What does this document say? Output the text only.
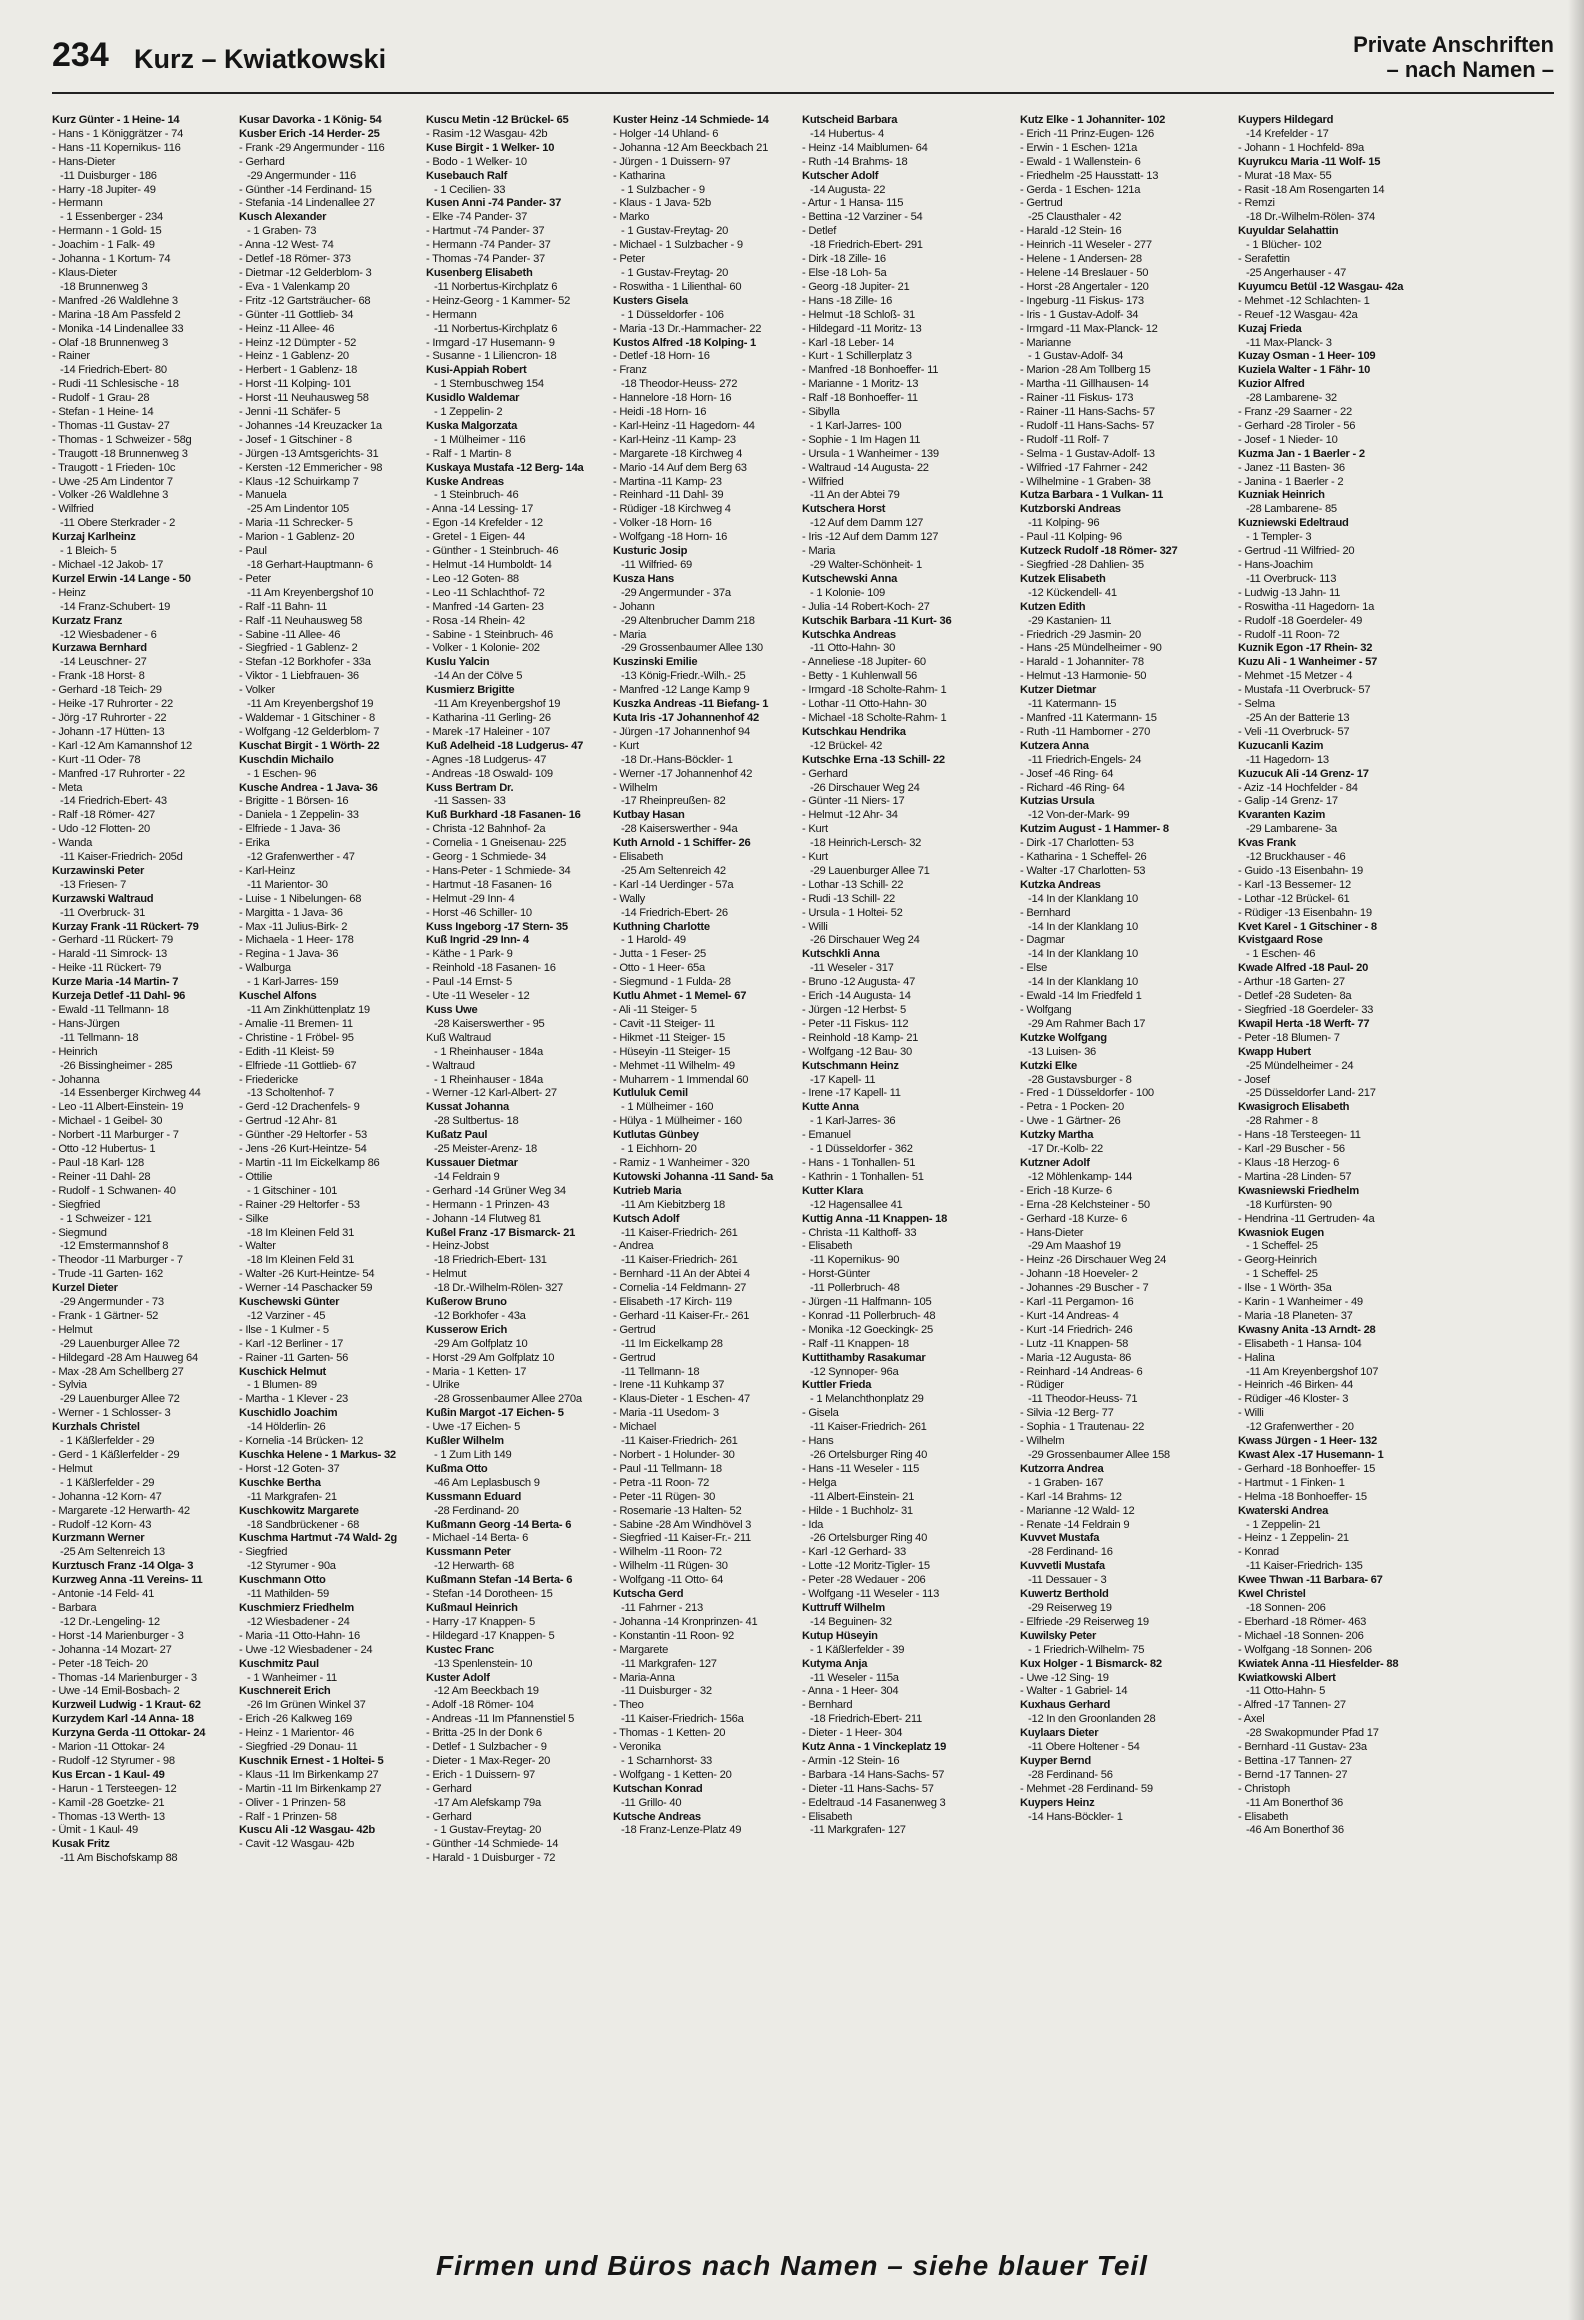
234 Kurz – Kwiatkowski	Private Anschriften
– nach Namen –
Kurz Günter - 1 Heine- 14
- Hans - 1 Königgrätzer - 74
- Hans -11 Kopernikus- 116
- Hans-Dieter
-11 Duisburger - 186
- Harry -18 Jupiter- 49
- Hermann
- 1 Essenberger - 234
- Hermann - 1 Gold- 15
- Joachim - 1 Falk- 49
- Johanna - 1 Kortum- 74
- Klaus-Dieter
-18 Brunnenweg 3
- Manfred -26 Waldlehne 3
- Marina -18 Am Passfeld 2
- Monika -14 Lindenallee 33
- Olaf -18 Brunnenweg 3
- Rainer
-14 Friedrich-Ebert- 80
- Rudi -11 Schlesische - 18
- Rudolf - 1 Grau- 28
- Stefan - 1 Heine- 14
- Thomas -11 Gustav- 27
- Thomas - 1 Schweizer - 58g
- Traugott -18 Brunnenweg 3
- Traugott - 1 Frieden- 10c
- Uwe -25 Am Lindentor 7
- Volker -26 Waldlehne 3
- Wilfried
-11 Obere Sterkrader - 2
Kurzaj Karlheinz
- 1 Bleich- 5
- Michael -12 Jakob- 17
Kurzel Erwin -14 Lange - 50
- Heinz
-14 Franz-Schubert- 19
Kurzatz Franz
-12 Wiesbadener - 6
Kurzawa Bernhard
-14 Leuschner- 27
- Frank -18 Horst- 8
- Gerhard -18 Teich- 29
- Heike -17 Ruhrorter - 22
- Jörg -17 Ruhrorter - 22
- Johann -17 Hütten- 13
- Karl -12 Am Kamannshof 12
- Kurt -11 Oder- 78
- Manfred -17 Ruhrorter - 22
- Meta
-14 Friedrich-Ebert- 43
- Ralf -18 Römer- 427
- Udo -12 Flotten- 20
- Wanda
-11 Kaiser-Friedrich- 205d
Kurzawinski Peter
-13 Friesen- 7
Kurzawski Waltraud
-11 Overbruck- 31
Kurzay Frank -11 Rückert- 79
- Gerhard -11 Rückert- 79
- Harald -11 Simrock- 13
- Heike -11 Rückert- 79
Kurze Maria -14 Martin- 7
Kurzeja Detlef -11 Dahl- 96
- Ewald -11 Tellmann- 18
- Hans-Jürgen
-11 Tellmann- 18
- Heinrich
-26 Bissingheimer - 285
- Johanna
-14 Essenberger Kirchweg 44
- Leo -11 Albert-Einstein- 19
- Michael - 1 Geibel- 30
- Norbert -11 Marburger - 7
- Otto -12 Hubertus- 1
- Paul -18 Karl- 128
- Reiner -11 Dahl- 28
- Rudolf - 1 Schwanen- 40
- Siegfried
- 1 Schweizer - 121
- Siegmund
-12 Emstermannshof 8
- Theodor -11 Marburger - 7
- Trude -11 Garten- 162
Kurzel Dieter
-29 Angermunder - 73
- Frank - 1 Gärtner- 52
- Helmut
-29 Lauenburger Allee 72
- Hildegard -28 Am Hauweg 64
- Max -28 Am Schellberg 27
- Sylvia
-29 Lauenburger Allee 72
- Werner - 1 Schlosser- 3
Kurzhals Christel
- 1 Käßlerfelder - 29
- Gerd - 1 Käßlerfelder - 29
- Helmut
- 1 Käßlerfelder - 29
- Johanna -12 Korn- 47
- Margarete -12 Herwarth- 42
- Rudolf -12 Korn- 43
Kurzmann Werner
-25 Am Seltenreich 13
Kurztusch Franz -14 Olga- 3
Kurzweg Anna -11 Vereins- 11
- Antonie -14 Feld- 41
- Barbara
-12 Dr.-Lengeling- 12
- Horst -14 Marienburger - 3
- Johanna -14 Mozart- 27
- Peter -18 Teich- 20
- Thomas -14 Marienburger - 3
- Uwe -14 Emil-Bosbach- 2
Kurzweil Ludwig - 1 Kraut- 62
Kurzydem Karl -14 Anna- 18
Kurzyna Gerda -11 Ottokar- 24
- Marion -11 Ottokar- 24
- Rudolf -12 Styrumer - 98
Kus Ercan - 1 Kaul- 49
- Harun - 1 Tersteegen- 12
- Kamil -28 Goetzke- 21
- Thomas -13 Werth- 13
- Ümit - 1 Kaul- 49
Kusak Fritz
-11 Am Bischofskamp 88
Kusar Davorka - 1 König- 54
Kusber Erich -14 Herder- 25
- Frank -29 Angermunder - 116
- Gerhard
-29 Angermunder - 116
- Günther -14 Ferdinand- 15
- Stefania -14 Lindenallee 27
Kusch Alexander
- 1 Graben- 73
- Anna -12 West- 74
- Detlef -18 Römer- 373
- Dietmar -12 Gelderblom- 3
- Eva - 1 Valenkamp 20
- Fritz -12 Gartsträucher- 68
- Günter -11 Gottlieb- 34
- Heinz -11 Allee- 46
- Heinz -12 Dümpter - 52
- Heinz - 1 Gablenz- 20
- Herbert - 1 Gablenz- 18
- Horst -11 Kolping- 101
- Horst -11 Neuhausweg 58
- Jenni -11 Schäfer- 5
- Johannes -14 Kreuzacker 1a
- Josef - 1 Gitschiner - 8
- Jürgen -13 Amtsgerichts- 31
- Kersten -12 Emmericher - 98
- Klaus -12 Schuirkamp 7
- Manuela
-25 Am Lindentor 105
- Maria -11 Schrecker- 5
- Marion - 1 Gablenz- 20
- Paul
-18 Gerhart-Hauptmann- 6
- Peter
-11 Am Kreyenbergshof 10
- Ralf -11 Bahn- 11
- Ralf -11 Neuhausweg 58
- Sabine -11 Allee- 46
- Siegfried - 1 Gablenz- 2
- Stefan -12 Borkhofer - 33a
- Viktor - 1 Liebfrauen- 36
- Volker
-11 Am Kreyenbergshof 19
- Waldemar - 1 Gitschiner - 8
- Wolfgang -12 Gelderblom- 7
Kuschat Birgit - 1 Wörth- 22
Kuschdin Michailo
- 1 Eschen- 96
Kusche Andrea - 1 Java- 36
- Brigitte - 1 Börsen- 16
- Daniela - 1 Zeppelin- 33
- Elfriede - 1 Java- 36
- Erika
-12 Grafenwerther - 47
- Karl-Heinz
-11 Marientor- 30
- Luise - 1 Nibelungen- 68
- Margitta - 1 Java- 36
- Max -11 Julius-Birk- 2
- Michaela - 1 Heer- 178
- Regina - 1 Java- 36
- Walburga
- 1 Karl-Jarres- 159
Kuschel Alfons
-11 Am Zinkhüttenplatz 19
- Amalie -11 Bremen- 11
- Christine - 1 Fröbel- 95
- Edith -11 Kleist- 59
- Elfriede -11 Gottlieb- 67
- Friedericke
-13 Scholtenhof- 7
- Gerd -12 Drachenfels- 9
- Gertrud -12 Ahr- 81
- Günther -29 Heltorfer - 53
- Jens -26 Kurt-Heintze- 54
- Martin -11 Im Eickelkamp 86
- Ottilie
- 1 Gitschiner - 101
- Rainer -29 Heltorfer - 53
- Silke
-18 Im Kleinen Feld 31
- Walter
-18 Im Kleinen Feld 31
- Walter -26 Kurt-Heintze- 54
- Werner -14 Paschacker 59
Kuschewski Günter
-12 Varziner - 45
- Ilse - 1 Kulmer - 5
- Karl -12 Berliner - 17
- Rainer -11 Garten- 56
Kuschick Helmut
- 1 Blumen- 89
- Martha - 1 Klever - 23
Kuschidlo Joachim
-14 Hölderlin- 26
- Kornelia -14 Brücken- 12
Kuschka Helene - 1 Markus- 32
- Horst -12 Goten- 37
Kuschke Bertha
-11 Markgrafen- 21
Kuschkowitz Margarete
-18 Sandbrückener - 68
Kuschma Hartmut -74 Wald- 2g
- Siegfried
-12 Styrumer - 90a
Kuschmann Otto
-11 Mathilden- 59
Kuschmierz Friedhelm
-12 Wiesbadener - 24
- Maria -11 Otto-Hahn- 16
- Uwe -12 Wiesbadener - 24
Kuschmitz Paul
- 1 Wanheimer - 11
Kuschnereit Erich
-26 Im Grünen Winkel 37
- Erich -26 Kalkweg 169
- Heinz - 1 Marientor- 46
- Siegfried -29 Donau- 11
Kuschnik Ernest - 1 Holtei- 5
- Klaus -11 Im Birkenkamp 27
- Martin -11 Im Birkenkamp 27
- Oliver - 1 Prinzen- 58
- Ralf - 1 Prinzen- 58
Kuscu Ali -12 Wasgau- 42b
- Cavit -12 Wasgau- 42b
Kuscu Metin -12 Brückel- 65
- Rasim -12 Wasgau- 42b
Kuse Birgit - 1 Welker- 10
- Bodo - 1 Welker- 10
Kusebauch Ralf
- 1 Cecilien- 33
Kusen Anni -74 Pander- 37
- Elke -74 Pander- 37
- Hartmut -74 Pander- 37
- Hermann -74 Pander- 37
- Thomas -74 Pander- 37
Kusenberg Elisabeth
-11 Norbertus-Kirchplatz 6
- Heinz-Georg - 1 Kammer- 52
- Hermann
-11 Norbertus-Kirchplatz 6
- Irmgard -17 Husemann- 9
- Susanne - 1 Liliencron- 18
Kusi-Appiah Robert
- 1 Sternbuschweg 154
Kusidlo Waldemar
- 1 Zeppelin- 2
Kuska Malgorzata
- 1 Mülheimer - 116
- Ralf - 1 Martin- 8
Kuskaya Mustafa -12 Berg- 14a
Kuske Andreas
- 1 Steinbruch- 46
- Anna -14 Lessing- 17
- Egon -14 Krefelder - 12
- Gretel - 1 Eigen- 44
- Günther - 1 Steinbruch- 46
- Helmut -14 Humboldt- 14
- Leo -12 Goten- 88
- Leo -11 Schlachthof- 72
- Manfred -14 Garten- 23
- Rosa -14 Rhein- 42
- Sabine - 1 Steinbruch- 46
- Volker - 1 Kolonie- 202
Kuslu Yalcin
-14 An der Cölve 5
Kusmierz Brigitte
-11 Am Kreyenbergshof 19
- Katharina -11 Gerling- 26
- Marek -17 Haleiner - 107
Kuß Adelheid -18 Ludgerus- 47
- Agnes -18 Ludgerus- 47
- Andreas -18 Oswald- 109
Kuss Bertram Dr.
-11 Sassen- 33
Kuß Burkhard -18 Fasanen- 16
- Christa -12 Bahnhof- 2a
- Cornelia - 1 Gneisenau- 225
- Georg - 1 Schmiede- 34
- Hans-Peter - 1 Schmiede- 34
- Hartmut -18 Fasanen- 16
- Helmut -29 Inn- 4
- Horst -46 Schiller- 10
Kuss Ingeborg -17 Stern- 35
Kuß Ingrid -29 Inn- 4
- Käthe - 1 Park- 9
- Reinhold -18 Fasanen- 16
- Paul -14 Ernst- 5
- Ute -11 Weseler - 12
Kuss Uwe
-28 Kaiserswerther - 95
Kuß Waltraud
- 1 Rheinhauser - 184a
- Waltraud
- 1 Rheinhauser - 184a
- Werner -12 Karl-Albert- 27
Kussat Johanna
-28 Sultbertus- 18
Kußatz Paul
-25 Meister-Arenz- 18
Kussauer Dietmar
-14 Feldrain 9
- Gerhard -14 Grüner Weg 34
- Hermann - 1 Prinzen- 43
- Johann -14 Flutweg 81
Kußel Franz -17 Bismarck- 21
- Heinz-Jobst
-18 Friedrich-Ebert- 131
- Helmut
-18 Dr.-Wilhelm-Rölen- 327
Kußerow Bruno
-12 Borkhofer - 43a
Kusserow Erich
-29 Am Golfplatz 10
- Horst -29 Am Golfplatz 10
- Maria - 1 Ketten- 17
- Ulrike
-28 Grossenbaumer Allee 270a
Kußin Margot -17 Eichen- 5
- Uwe -17 Eichen- 5
Kußler Wilhelm
- 1 Zum Lith 149
Kußma Otto
-46 Am Leplasbusch 9
Kussmann Eduard
-28 Ferdinand- 20
Kußmann Georg -14 Berta- 6
- Michael -14 Berta- 6
Kussmann Peter
-12 Herwarth- 68
Kußmann Stefan -14 Berta- 6
- Stefan -14 Dorotheen- 15
Kußmaul Heinrich
- Harry -17 Knappen- 5
- Hildegard -17 Knappen- 5
Kustec Franc
-13 Spenlenstein- 10
Kuster Adolf
-12 Am Beeckbach 19
- Adolf -18 Römer- 104
- Andreas -11 Im Pfannenstiel 5
- Britta -25 In der Donk 6
- Detlef - 1 Sulzbacher - 9
- Dieter - 1 Max-Reger- 20
- Erich - 1 Duissern- 97
- Gerhard
-17 Am Alefskamp 79a
- Gerhard
- 1 Gustav-Freytag- 20
- Günther -14 Schmiede- 14
- Harald - 1 Duisburger - 72
Kuster Heinz -14 Schmiede- 14
- Holger -14 Uhland- 6
- Johanna -12 Am Beeckbach 21
- Jürgen - 1 Duissern- 97
- Katharina
- 1 Sulzbacher - 9
- Klaus - 1 Java- 52b
- Marko
- 1 Gustav-Freytag- 20
- Michael - 1 Sulzbacher - 9
- Peter
- 1 Gustav-Freytag- 20
- Roswitha - 1 Lilienthal- 60
Kusters Gisela
- 1 Düsseldorfer - 106
- Maria -13 Dr.-Hammacher- 22
Kustos Alfred -18 Kolping- 1
- Detlef -18 Horn- 16
- Franz
-18 Theodor-Heuss- 272
- Hannelore -18 Horn- 16
- Heidi -18 Horn- 16
- Karl-Heinz -11 Hagedorn- 44
- Karl-Heinz -11 Kamp- 23
- Margarete -18 Kirchweg 4
- Mario -14 Auf dem Berg 63
- Martina -11 Kamp- 23
- Reinhard -11 Dahl- 39
- Rüdiger -18 Kirchweg 4
- Volker -18 Horn- 16
- Wolfgang -18 Horn- 16
Kusturic Josip
-11 Wilfried- 69
Kusza Hans
-29 Angermunder - 37a
- Johann
-29 Altenbrucher Damm 218
- Maria
-29 Grossenbaumer Allee 130
Kuszinski Emilie
-13 König-Friedr.-Wilh.- 25
- Manfred -12 Lange Kamp 9
Kuszka Andreas -11 Biefang- 1
Kuta Iris -17 Johannenhof 42
- Jürgen -17 Johannenhof 94
- Kurt
-18 Dr.-Hans-Böckler- 1
- Werner -17 Johannenhof 42
- Wilhelm
-17 Rheinpreußen- 82
Kutbay Hasan
-28 Kaiserswerther - 94a
Kuth Arnold - 1 Schiffer- 26
- Elisabeth
-25 Am Seltenreich 42
- Karl -14 Uerdinger - 57a
- Wally
-14 Friedrich-Ebert- 26
Kuthning Charlotte
- 1 Harold- 49
- Jutta - 1 Feser- 25
- Otto - 1 Heer- 65a
- Siegmund - 1 Fulda- 28
Kutlu Ahmet - 1 Memel- 67
- Ali -11 Steiger- 5
- Cavit -11 Steiger- 11
- Hikmet -11 Steiger- 15
- Hüseyin -11 Steiger- 15
- Mehmet -11 Wilhelm- 49
- Muharrem - 1 Immendal 60
Kutluluk Cemil
- 1 Mülheimer - 160
- Hülya - 1 Mülheimer - 160
Kutlutas Günbey
- 1 Eichhorn- 20
- Ramiz - 1 Wanheimer - 320
Kutowski Johanna -11 Sand- 5a
Kutrieb Maria
-11 Am Kiebitzberg 18
Kutsch Adolf
-11 Kaiser-Friedrich- 261
- Andrea
-11 Kaiser-Friedrich- 261
- Bernhard -11 An der Abtei 4
- Cornelia -14 Feldmann- 27
- Elisabeth -17 Kirch- 119
- Gerhard -11 Kaiser-Fr.- 261
- Gertrud
-11 Im Eickelkamp 28
- Gertrud
-11 Tellmann- 18
- Irene -11 Kuhkamp 37
- Klaus-Dieter - 1 Eschen- 47
- Maria -11 Usedom- 3
- Michael
-11 Kaiser-Friedrich- 261
- Norbert - 1 Holunder- 30
- Paul -11 Tellmann- 18
- Petra -11 Roon- 72
- Peter -11 Rügen- 30
- Rosemarie -13 Halten- 52
- Sabine -28 Am Windhövel 3
- Siegfried -11 Kaiser-Fr.- 211
- Wilhelm -11 Roon- 72
- Wilhelm -11 Rügen- 30
- Wolfgang -11 Otto- 64
Kutscha Gerd
-11 Fahrner - 213
- Johanna -14 Kronprinzen- 41
- Konstantin -11 Roon- 92
- Margarete
-11 Markgrafen- 127
- Maria-Anna
-11 Duisburger - 32
- Theo
-11 Kaiser-Friedrich- 156a
- Thomas - 1 Ketten- 20
- Veronika
- 1 Scharnhorst- 33
- Wolfgang - 1 Ketten- 20
Kutschan Konrad
-11 Grillo- 40
Kutsche Andreas
-18 Franz-Lenze-Platz 49
Kutscheid Barbara
-14 Hubertus- 4
- Heinz -14 Maiblumen- 64
- Ruth -14 Brahms- 18
Kutscher Adolf
-14 Augusta- 22
- Artur - 1 Hansa- 115
- Bettina -12 Varziner - 54
- Detlef
-18 Friedrich-Ebert- 291
- Dirk -18 Zille- 16
- Else -18 Loh- 5a
- Georg -18 Jupiter- 21
- Hans -18 Zille- 16
- Helmut -18 Schloß- 31
- Hildegard -11 Moritz- 13
- Karl -18 Leber- 14
- Kurt - 1 Schillerplatz 3
- Manfred -18 Bonhoeffer- 11
- Marianne - 1 Moritz- 13
- Ralf -18 Bonhoeffer- 11
- Sibylla
- 1 Karl-Jarres- 100
- Sophie - 1 Im Hagen 11
- Ursula - 1 Wanheimer - 139
- Waltraud -14 Augusta- 22
- Wilfried
-11 An der Abtei 79
Kutschera Horst
-12 Auf dem Damm 127
- Iris -12 Auf dem Damm 127
- Maria
-29 Walter-Schönheit- 1
Kutschewski Anna
- 1 Kolonie- 109
- Julia -14 Robert-Koch- 27
Kutschik Barbara -11 Kurt- 36
Kutschka Andreas
-11 Otto-Hahn- 30
- Anneliese -18 Jupiter- 60
- Betty - 1 Kuhlenwall 56
- Irmgard -18 Scholte-Rahm- 1
- Lothar -11 Otto-Hahn- 30
- Michael -18 Scholte-Rahm- 1
Kutschkau Hendrika
-12 Brückel- 42
Kutschke Erna -13 Schill- 22
- Gerhard
-26 Dirschauer Weg 24
- Günter -11 Niers- 17
- Helmut -12 Ahr- 34
- Kurt
-18 Heinrich-Lersch- 32
- Kurt
-29 Lauenburger Allee 71
- Lothar -13 Schill- 22
- Rudi -13 Schill- 22
- Ursula - 1 Holtei- 52
- Willi
-26 Dirschauer Weg 24
Kutschkli Anna
-11 Weseler - 317
- Bruno -12 Augusta- 47
- Erich -14 Augusta- 14
- Jürgen -12 Herbst- 5
- Peter -11 Fiskus- 112
- Reinhold -18 Kamp- 21
- Wolfgang -12 Bau- 30
Kutschmann Heinz
-17 Kapell- 11
- Irene -17 Kapell- 11
Kutte Anna
- 1 Karl-Jarres- 36
- Emanuel
- 1 Düsseldorfer - 362
- Hans - 1 Tonhallen- 51
- Kathrin - 1 Tonhallen- 51
Kutter Klara
-12 Hagensallee 41
Kuttig Anna -11 Knappen- 18
- Christa -11 Kalthoff- 33
- Elisabeth
-11 Kopernikus- 90
- Horst-Günter
-11 Pollerbruch- 48
- Jürgen -11 Halfmann- 105
- Konrad -11 Pollerbruch- 48
- Monika -12 Goeckingk- 25
- Ralf -11 Knappen- 18
Kuttithamby Rasakumar
-12 Synnoper- 96a
Kuttler Frieda
- 1 Melanchthonplatz 29
- Gisela
-11 Kaiser-Friedrich- 261
- Hans
-26 Ortelsburger Ring 40
- Hans -11 Weseler - 115
- Helga
-11 Albert-Einstein- 21
- Hilde - 1 Buchholz- 31
- Ida
-26 Ortelsburger Ring 40
- Karl -12 Gerhard- 33
- Lotte -12 Moritz-Tigler- 15
- Peter -28 Wedauer - 206
- Wolfgang -11 Weseler - 113
Kuttruff Wilhelm
-14 Beguinen- 32
Kutup Hüseyin
- 1 Käßlerfelder - 39
Kutyma Anja
-11 Weseler - 115a
- Anna - 1 Heer- 304
- Bernhard
-18 Friedrich-Ebert- 211
- Dieter - 1 Heer- 304
Kutz Anna - 1 Vinckeplatz 19
- Armin -12 Stein- 16
- Barbara -14 Hans-Sachs- 57
- Dieter -11 Hans-Sachs- 57
- Edeltraud -14 Fasanenweg 3
- Elisabeth
-11 Markgrafen- 127
Kutz Elke - 1 Johanniter- 102
- Erich -11 Prinz-Eugen- 126
- Erwin - 1 Eschen- 121a
- Ewald - 1 Wallenstein- 6
- Friedhelm -25 Hausstatt- 13
- Gerda - 1 Eschen- 121a
- Gertrud
-25 Clausthaler - 42
- Harald -12 Stein- 16
- Heinrich -11 Weseler - 277
- Helene - 1 Andersen- 28
- Helene -14 Breslauer - 50
- Horst -28 Angertaler - 120
- Ingeburg -11 Fiskus- 173
- Iris - 1 Gustav-Adolf- 34
- Irmgard -11 Max-Planck- 12
- Marianne
- 1 Gustav-Adolf- 34
- Marion -28 Am Tollberg 15
- Martha -11 Gillhausen- 14
- Rainer -11 Fiskus- 173
- Rainer -11 Hans-Sachs- 57
- Rudolf -11 Hans-Sachs- 57
- Rudolf -11 Rolf- 7
- Selma - 1 Gustav-Adolf- 13
- Wilfried -17 Fahrner - 242
- Wilhelmine - 1 Graben- 38
Kutza Barbara - 1 Vulkan- 11
Kutzborski Andreas
-11 Kolping- 96
- Paul -11 Kolping- 96
Kutzeck Rudolf -18 Römer- 327
- Siegfried -28 Dahlien- 35
Kutzek Elisabeth
-12 Kückendell- 41
Kutzen Edith
-29 Kastanien- 11
- Friedrich -29 Jasmin- 20
- Hans -25 Mündelheimer - 90
- Harald - 1 Johanniter- 78
- Helmut -13 Harmonie- 50
Kutzer Dietmar
-11 Katermann- 15
- Manfred -11 Katermann- 15
- Ruth -11 Hamborner - 270
Kutzera Anna
-11 Friedrich-Engels- 24
- Josef -46 Ring- 64
- Richard -46 Ring- 64
Kutzias Ursula
-12 Von-der-Mark- 99
Kutzim August - 1 Hammer- 8
- Dirk -17 Charlotten- 53
- Katharina - 1 Scheffel- 26
- Walter -17 Charlotten- 53
Kutzka Andreas
-14 In der Klanklang 10
- Bernhard
-14 In der Klanklang 10
- Dagmar
-14 In der Klanklang 10
- Else
-14 In der Klanklang 10
- Ewald -14 Im Friedfeld 1
- Wolfgang
-29 Am Rahmer Bach 17
Kutzke Wolfgang
-13 Luisen- 36
Kutzki Elke
-28 Gustavsburger - 8
- Fred - 1 Düsseldorfer - 100
- Petra - 1 Pocken- 20
- Uwe - 1 Gärtner- 26
Kutzky Martha
-17 Dr.-Kolb- 22
Kutzner Adolf
-12 Möhlenkamp- 144
- Erich -18 Kurze- 6
- Erna -28 Kelchsteiner - 50
- Gerhard -18 Kurze- 6
- Hans-Dieter
-29 Am Maashof 19
- Heinz -26 Dirschauer Weg 24
- Johann -18 Hoeveler- 2
- Johannes -29 Buscher - 7
- Karl -11 Pergamon- 16
- Kurt -14 Andreas- 4
- Kurt -14 Friedrich- 246
- Lutz -11 Knappen- 58
- Maria -12 Augusta- 86
- Reinhard -14 Andreas- 6
- Rüdiger
-11 Theodor-Heuss- 71
- Silvia -12 Berg- 77
- Sophia - 1 Trautenau- 22
- Wilhelm
-29 Grossenbaumer Allee 158
Kutzorra Andrea
- 1 Graben- 167
- Karl -14 Brahms- 12
- Marianne -12 Wald- 12
- Renate -14 Feldrain 9
Kuvvet Mustafa
-28 Ferdinand- 16
Kuvvetli Mustafa
-11 Dessauer - 3
Kuwertz Berthold
-29 Reiserweg 19
- Elfriede -29 Reiserweg 19
Kuwilsky Peter
- 1 Friedrich-Wilhelm- 75
Kux Holger - 1 Bismarck- 82
- Uwe -12 Sing- 19
- Walter - 1 Gabriel- 14
Kuxhaus Gerhard
-12 In den Groonlanden 28
Kuylaars Dieter
-11 Obere Holtener - 54
Kuyper Bernd
-28 Ferdinand- 56
- Mehmet -28 Ferdinand- 59
Kuypers Heinz
-14 Hans-Böckler- 1
Kuypers Hildegard
-14 Krefelder - 17
- Johann - 1 Hochfeld- 89a
Kuyrukcu Maria -11 Wolf- 15
- Murat -18 Max- 55
- Rasit -18 Am Rosengarten 14
- Remzi
-18 Dr.-Wilhelm-Rölen- 374
Kuyuldar Selahattin
- 1 Blücher- 102
- Serafettin
-25 Angerhauser - 47
Kuyumcu Betül -12 Wasgau- 42a
- Mehmet -12 Schlachten- 1
- Reuef -12 Wasgau- 42a
Kuzaj Frieda
-11 Max-Planck- 3
Kuzay Osman - 1 Heer- 109
Kuziela Walter - 1 Fähr- 10
Kuzior Alfred
-28 Lambarene- 32
- Franz -29 Saarner - 22
- Gerhard -28 Tiroler - 56
- Josef - 1 Nieder- 10
Kuzma Jan - 1 Baerler - 2
- Janez -11 Basten- 36
- Janina - 1 Baerler - 2
Kuzniak Heinrich
-28 Lambarene- 85
Kuzniewski Edeltraud
- 1 Templer- 3
- Gertrud -11 Wilfried- 20
- Hans-Joachim
-11 Overbruck- 113
- Ludwig -13 Jahn- 11
- Roswitha -11 Hagedorn- 1a
- Rudolf -18 Goerdeler- 49
- Rudolf -11 Roon- 72
Kuznik Egon -17 Rhein- 32
Kuzu Ali - 1 Wanheimer - 57
- Mehmet -15 Metzer - 4
- Mustafa -11 Overbruck- 57
- Selma
-25 An der Batterie 13
- Veli -11 Overbruck- 57
Kuzucanli Kazim
-11 Hagedorn- 13
Kuzucuk Ali -14 Grenz- 17
- Aziz -14 Hochfelder - 84
- Galip -14 Grenz- 17
Kvaranten Kazim
-29 Lambarene- 3a
Kvas Frank
-12 Bruckhauser - 46
- Guido -13 Eisenbahn- 19
- Karl -13 Bessemer- 12
- Lothar -12 Brückel- 61
- Rüdiger -13 Eisenbahn- 19
Kvet Karel - 1 Gitschiner - 8
Kvistgaard Rose
- 1 Eschen- 46
Kwade Alfred -18 Paul- 20
- Arthur -18 Garten- 27
- Detlef -28 Sudeten- 8a
- Siegfried -18 Goerdeler- 33
Kwapil Herta -18 Werft- 77
- Peter -18 Blumen- 7
Kwapp Hubert
-25 Mündelheimer - 24
- Josef
-25 Düsseldorfer Land- 217
Kwasigroch Elisabeth
-28 Rahmer - 8
- Hans -18 Tersteegen- 11
- Karl -29 Buscher - 56
- Klaus -18 Herzog- 6
- Martina -28 Linden- 57
Kwasniewski Friedhelm
-18 Kurfürsten- 90
- Hendrina -11 Gertruden- 4a
Kwasniok Eugen
- 1 Scheffel- 25
- Georg-Heinrich
- 1 Scheffel- 25
- Ilse - 1 Wörth- 35a
- Karin - 1 Wanheimer - 49
- Maria -18 Planeten- 37
Kwasny Anita -13 Arndt- 28
- Elisabeth - 1 Hansa- 104
- Halina
-11 Am Kreyenbergshof 107
- Heinrich -46 Birken- 44
- Rüdiger -46 Kloster- 3
- Willi
-12 Grafenwerther - 20
Kwass Jürgen - 1 Heer- 132
Kwast Alex -17 Husemann- 1
- Gerhard -18 Bonhoeffer- 15
- Hartmut - 1 Finken- 1
- Helma -18 Bonhoeffer- 15
Kwaterski Andrea
- 1 Zeppelin- 21
- Heinz - 1 Zeppelin- 21
- Konrad
-11 Kaiser-Friedrich- 135
Kwee Thwan -11 Barbara- 67
Kwel Christel
-18 Sonnen- 206
- Eberhard -18 Römer- 463
- Michael -18 Sonnen- 206
- Wolfgang -18 Sonnen- 206
Kwiatek Anna -11 Hiesfelder- 88
Kwiatkowski Albert
-11 Otto-Hahn- 5
- Alfred -17 Tannen- 27
- Axel
-28 Swakopmunder Pfad 17
- Bernhard -11 Gustav- 23a
- Bettina -17 Tannen- 27
- Bernd -17 Tannen- 27
- Christoph
-11 Am Bonerthof 36
- Elisabeth
-46 Am Bonerthof 36
Firmen und Büros nach Namen – siehe blauer Teil
